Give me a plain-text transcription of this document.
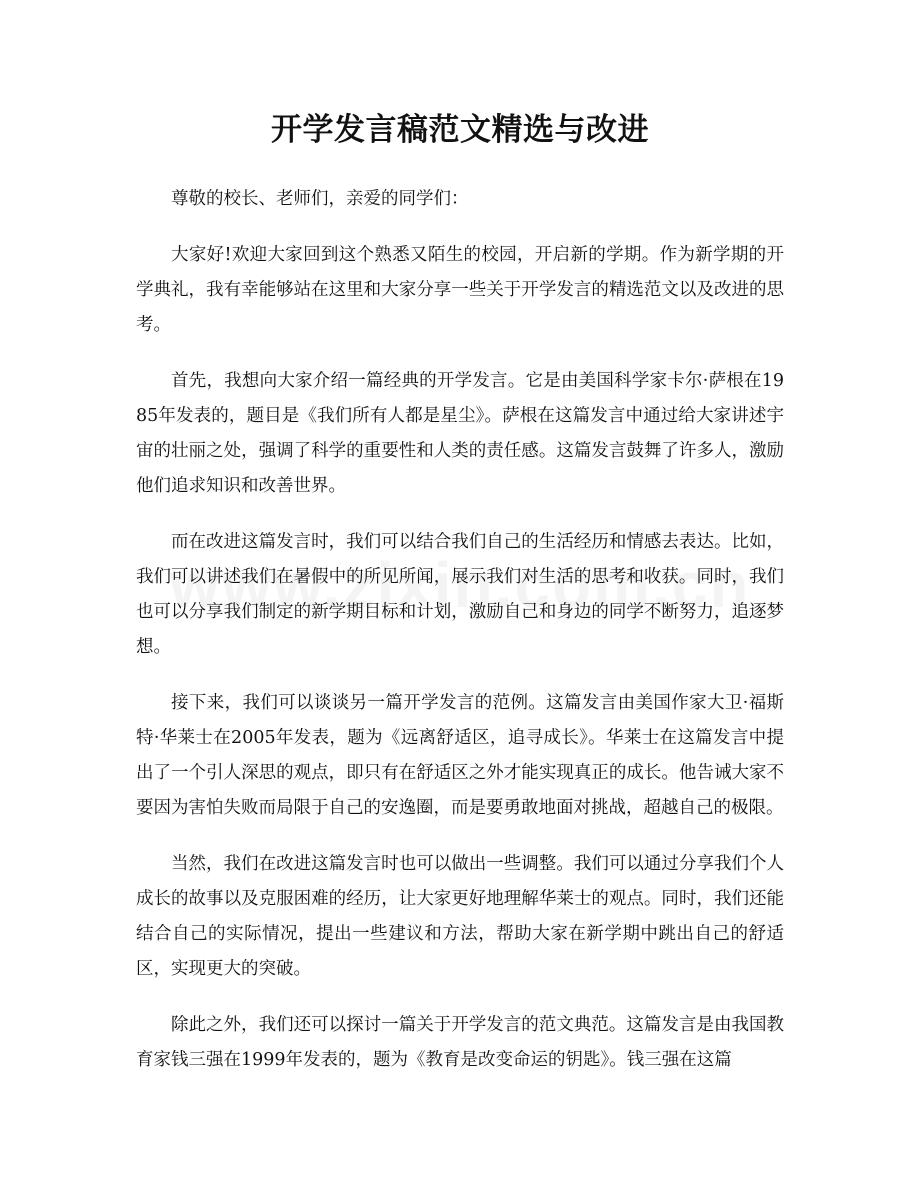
开学发言稿范文精选与改进

尊敬的校长、老师们，亲爱的同学们：

大家好!欢迎大家回到这个熟悉又陌生的校园，开启新的学期。作为新学期的开学典礼，我有幸能够站在这里和大家分享一些关于开学发言的精选范文以及改进的思考。

首先，我想向大家介绍一篇经典的开学发言。它是由美国科学家卡尔·萨根在1985年发表的，题目是《我们所有人都是星尘》。萨根在这篇发言中通过给大家讲述宇宙的壮丽之处，强调了科学的重要性和人类的责任感。这篇发言鼓舞了许多人，激励他们追求知识和改善世界。

而在改进这篇发言时，我们可以结合我们自己的生活经历和情感去表达。比如，我们可以讲述我们在暑假中的所见所闻，展示我们对生活的思考和收获。同时，我们也可以分享我们制定的新学期目标和计划，激励自己和身边的同学不断努力，追逐梦想。

接下来，我们可以谈谈另一篇开学发言的范例。这篇发言由美国作家大卫·福斯特·华莱士在2005年发表，题为《远离舒适区，追寻成长》。华莱士在这篇发言中提出了一个引人深思的观点，即只有在舒适区之外才能实现真正的成长。他告诫大家不要因为害怕失败而局限于自己的安逸圈，而是要勇敢地面对挑战，超越自己的极限。

当然，我们在改进这篇发言时也可以做出一些调整。我们可以通过分享我们个人成长的故事以及克服困难的经历，让大家更好地理解华莱士的观点。同时，我们还能结合自己的实际情况，提出一些建议和方法，帮助大家在新学期中跳出自己的舒适区，实现更大的突破。

除此之外，我们还可以探讨一篇关于开学发言的范文典范。这篇发言是由我国教育家钱三强在1999年发表的，题为《教育是改变命运的钥匙》。钱三强在这篇
